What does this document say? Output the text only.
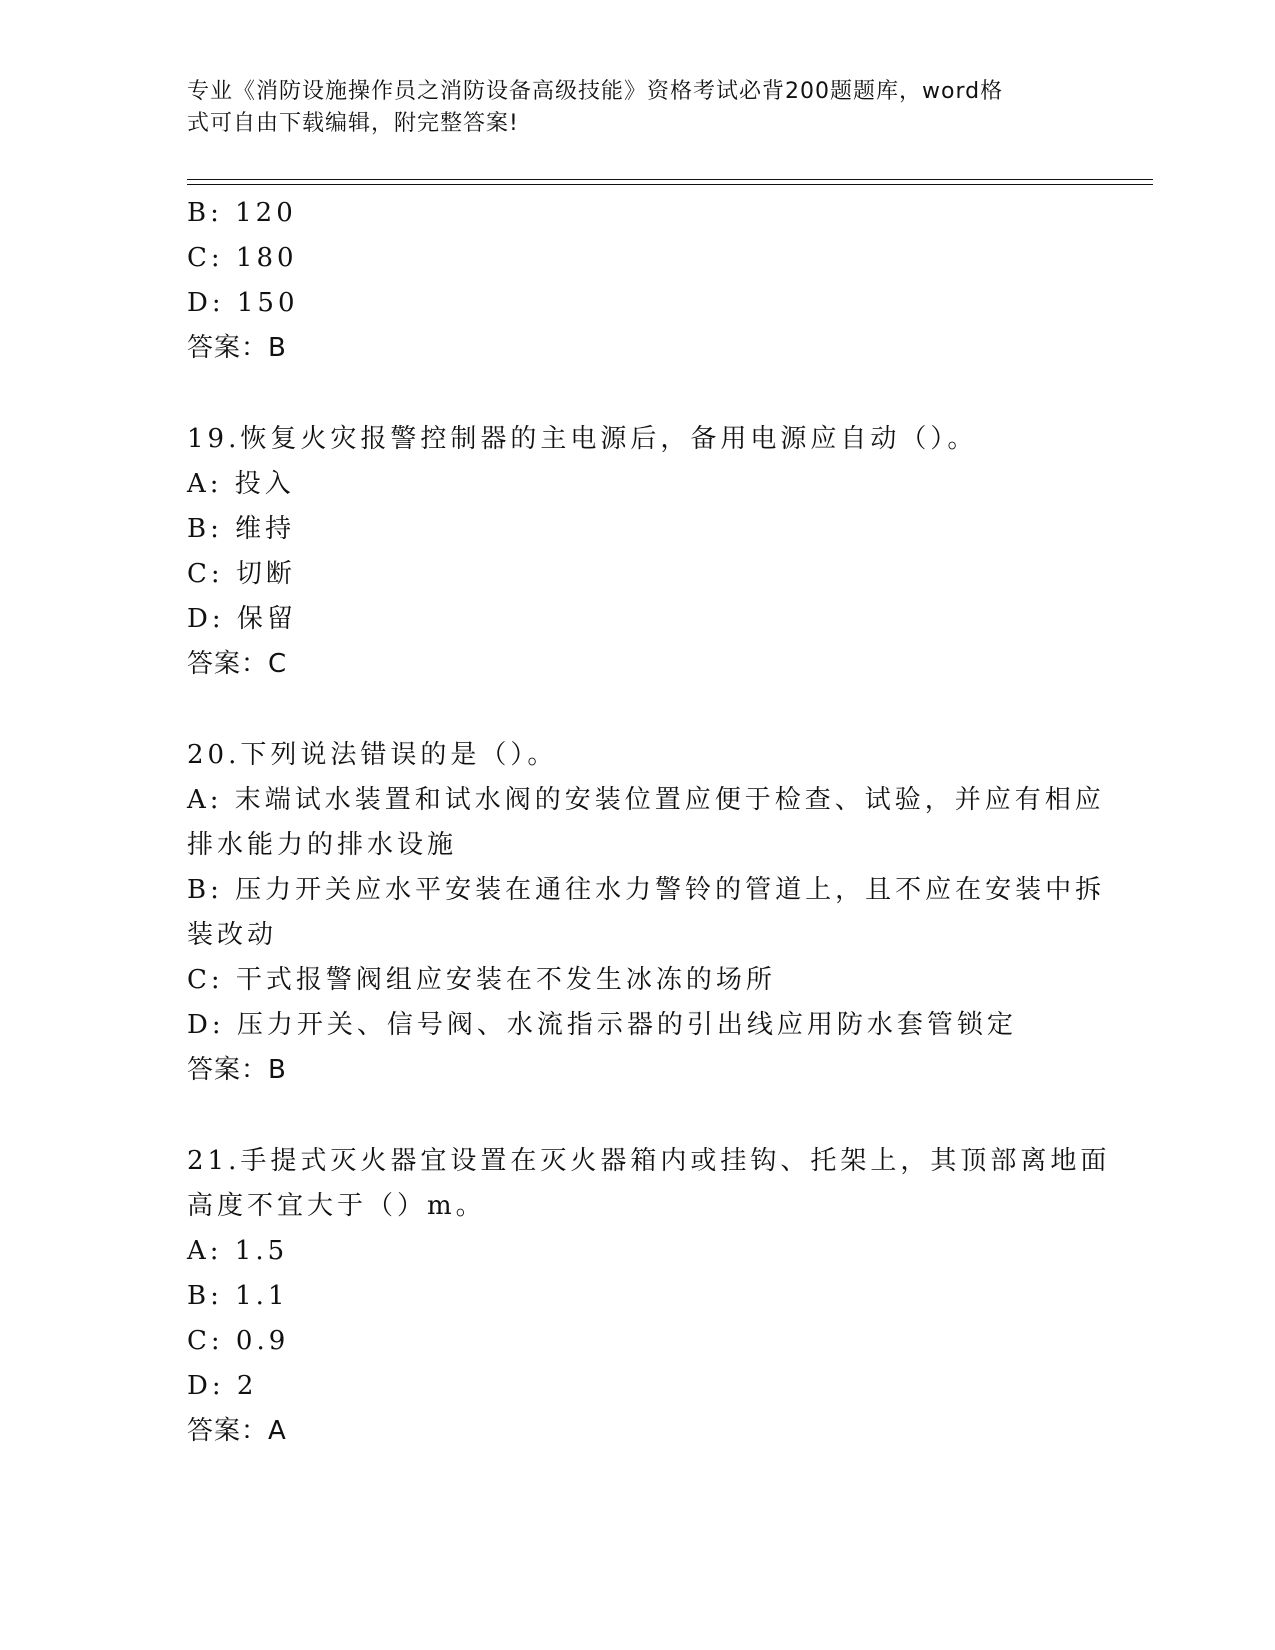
专业《消防设施操作员之消防设备高级技能》资格考试必背200题题库，word格
式可自由下载编辑，附完整答案!
B: 120
C: 180
D: 150
答案：B
19.恢复火灾报警控制器的主电源后，备用电源应自动（）。
A: 投入
B: 维持
C: 切断
D: 保留
答案：C
20.下列说法错误的是（）。
A: 末端试水装置和试水阀的安装位置应便于检查、试验，并应有相应
排水能力的排水设施
B: 压力开关应水平安装在通往水力警铃的管道上，且不应在安装中拆
装改动
C: 干式报警阀组应安装在不发生冰冻的场所
D: 压力开关、信号阀、水流指示器的引出线应用防水套管锁定
答案：B
21.手提式灭火器宜设置在灭火器箱内或挂钩、托架上，其顶部离地面
高度不宜大于（）m。
A: 1.5
B: 1.1
C: 0.9
D: 2
答案：A
